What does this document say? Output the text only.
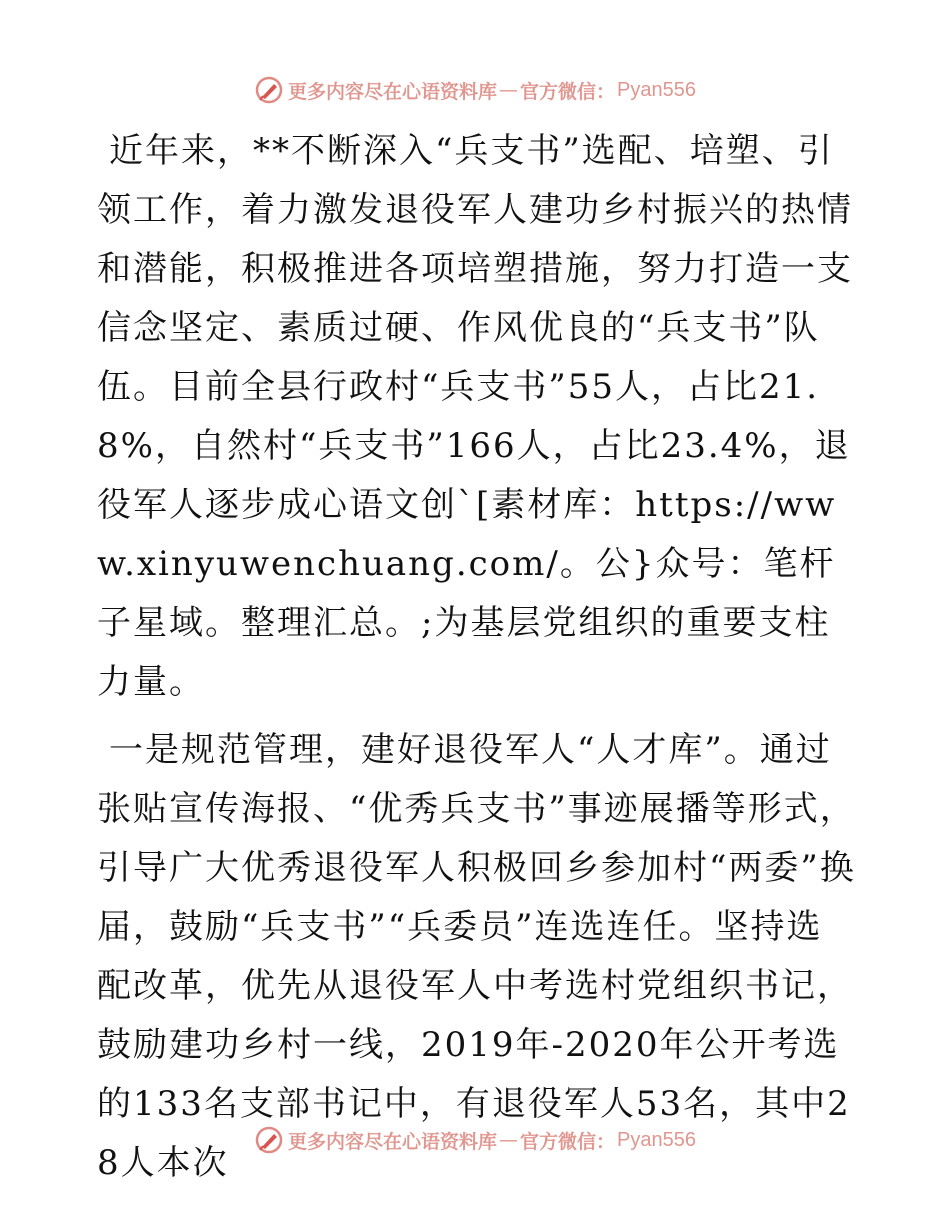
更多内容尽在心语资料库 — 官方微信： Pyan556

近年来，**不断深入“兵支书”选配、培塑、引领工作，着力激发退役军人建功乡村振兴的热情和潜能，积极推进各项培塑措施，努力打造一支信念坚定、素质过硬、作风优良的“兵支书”队伍。目前全县行政村“兵支书”55人，占比21.8%，自然村“兵支书”166人，占比23.4%，退役军人逐步成心语文创`[素材库：https://www.xinyuwenchuang.com/。公}众号：笔杆子星域。整理汇总。;为基层党组织的重要支柱力量。

一是规范管理，建好退役军人“人才库”。通过张贴宣传海报、“优秀兵支书”事迹展播等形式，引导广大优秀退役军人积极回乡参加村“两委”换届，鼓励“兵支书”“兵委员”连选连任。坚持选配改革，优先从退役军人中考选村党组织书记，鼓励建功乡村一线，2019年-2020年公开考选的133名支部书记中，有退役军人53名，其中28人本次

更多内容尽在心语资料库 — 官方微信： Pyan556
